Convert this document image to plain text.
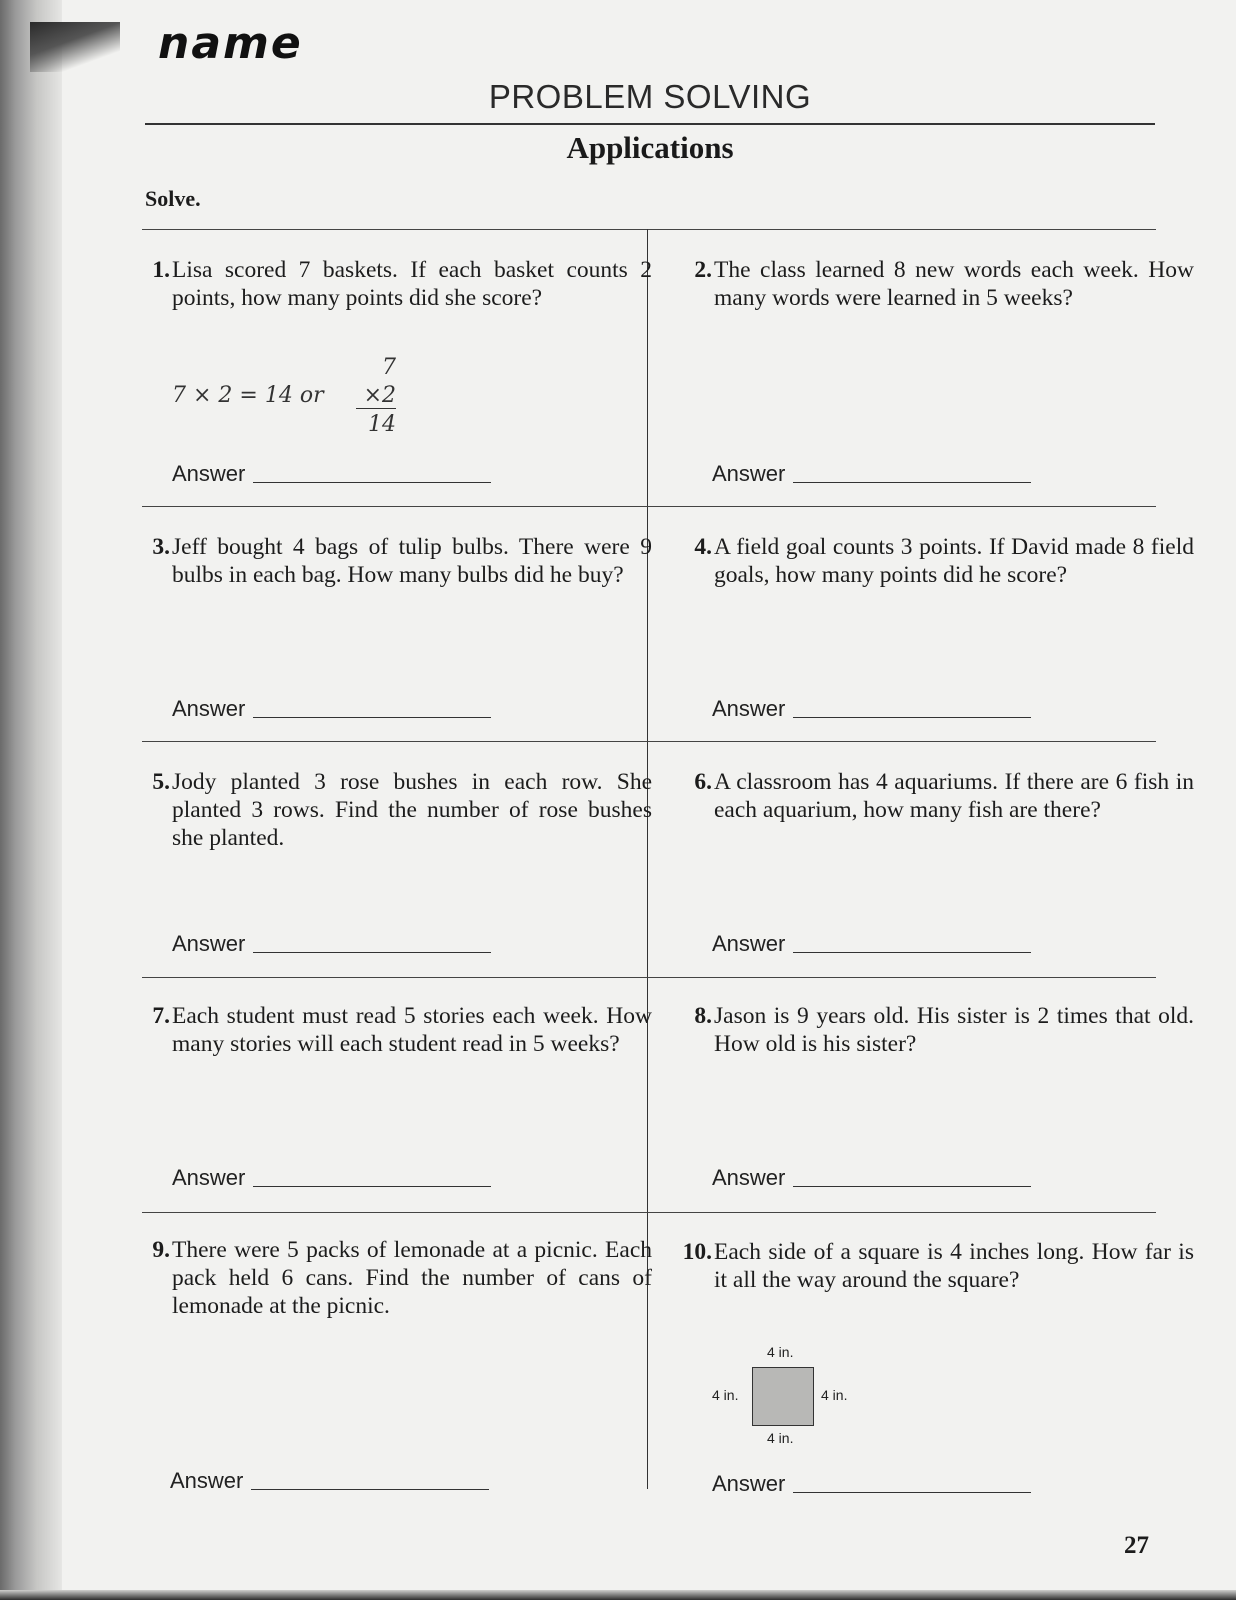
name
PROBLEM SOLVING
Applications
Solve.
1. Lisa scored 7 baskets. If each basket counts 2 points, how many points did she score?
7 × 2 = 14 or
7
×2
14
Answer
2. The class learned 8 new words each week. How many words were learned in 5 weeks?
Answer
3. Jeff bought 4 bags of tulip bulbs. There were 9 bulbs in each bag. How many bulbs did he buy?
Answer
4. A field goal counts 3 points. If David made 8 field goals, how many points did he score?
Answer
5. Jody planted 3 rose bushes in each row. She planted 3 rows. Find the number of rose bushes she planted.
Answer
6. A classroom has 4 aquariums. If there are 6 fish in each aquarium, how many fish are there?
Answer
7. Each student must read 5 stories each week. How many stories will each student read in 5 weeks?
Answer
8. Jason is 9 years old. His sister is 2 times that old. How old is his sister?
Answer
9. There were 5 packs of lemonade at a picnic. Each pack held 6 cans. Find the number of cans of lemonade at the picnic.
Answer
10. Each side of a square is 4 inches long. How far is it all the way around the square?
4 in.
4 in.	4 in.
4 in.
Answer
27
